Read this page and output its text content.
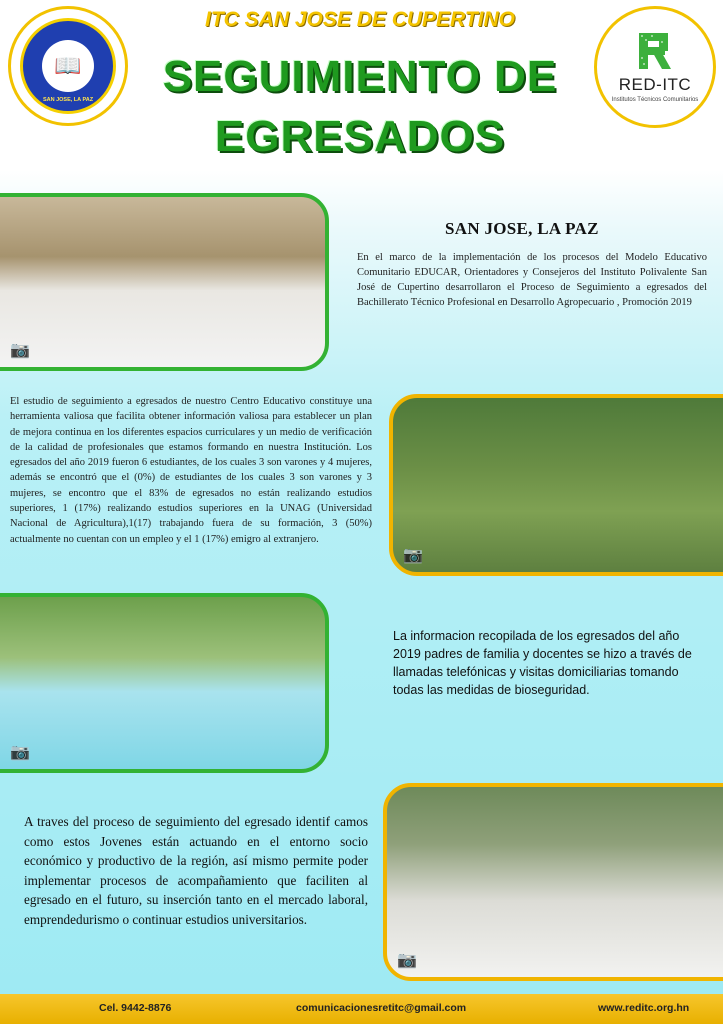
📖
SAN JOSE, LA PAZ
ITC SAN JOSE DE CUPERTINO
SEGUIMIENTO DE
EGRESADOS
RED-ITC
Institutos Técnicos Comunitarios
📷
SAN JOSE, LA PAZ
En el marco de la implementación de los procesos del Modelo Educativo Comunitario EDUCAR, Orientadores y Consejeros del Instituto Polivalente San José de Cupertino desarrollaron el Proceso de Seguimiento a egresados del Bachillerato Técnico Profesional en Desarrollo Agropecuario , Promoción 2019
El estudio de seguimiento a egresados de nuestro Centro Educativo constituye una herramienta valiosa que facilita obtener información valiosa para establecer un plan de mejora continua en los diferentes espacios curriculares y un medio de verificación de la calidad de profesionales que estamos formando en nuestra Institución. Los egresados del año 2019 fueron 6 estudiantes, de los cuales 3 son varones y 4 mujeres, además se encontró que el (0%) de estudiantes de los cuales 3 son varones y 3 mujeres, se encontro que el 83% de egresados no están realizando estudios superiores, 1 (17%) realizando estudios superiores en la UNAG (Universidad Nacional de Agricultura),1(17) trabajando fuera de su formación, 3 (50%) actualmente no cuentan con un empleo y el 1 (17%) emigro al extranjero.
📷
📷
La informacion recopilada de los egresados del año 2019 padres de familia y docentes se hizo a través de llamadas telefónicas y visitas domiciliarias tomando todas las medidas de bioseguridad.
A traves del proceso de seguimiento del egresado identif camos como estos Jovenes están actuando en el entorno socio económico y productivo de la región, así mismo permite poder implementar procesos de acompañamiento que faciliten al egresado en el futuro, su inserción tanto en el mercado laboral, emprendedurismo o continuar estudios universitarios.
📷
Cel. 9442-8876	comunicacionesretitc@gmail.com	www.reditc.org.hn
